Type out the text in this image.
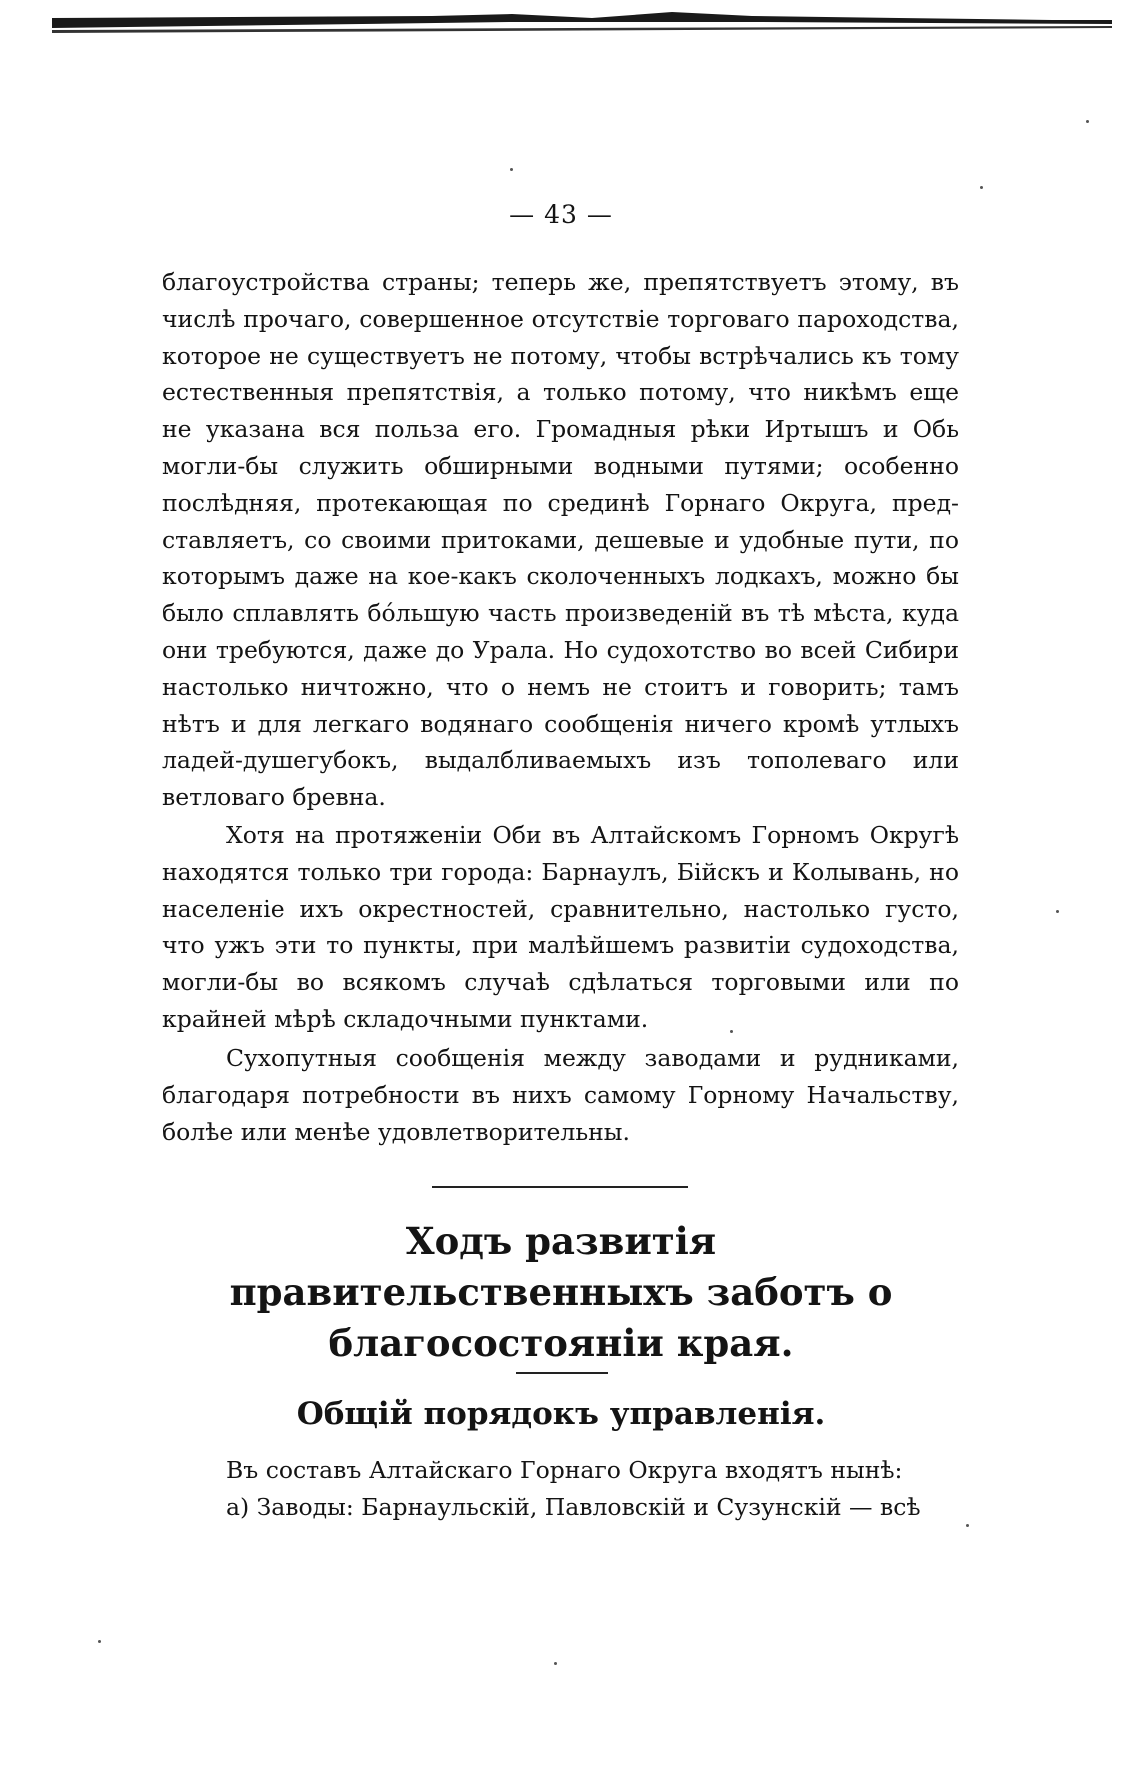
— 43 —

благоустройства страны; теперь же, препятствуетъ этому, въ числѣ прочаго, совершенное отсутствіе торговаго пароходства, которое не существуетъ не потому, чтобы встрѣчались къ тому естественныя препятствія, а только потому, что никѣмъ еще не указана вся польза его. Громадныя рѣки Иртышъ и Обь могли-бы служить обширными водными путями; особенно послѣдняя, протекающая по срединѣ Горнаго Округа, представляетъ, со своими притоками, дешевые и удобные пути, по которымъ даже на кое-какъ сколоченныхъ лодкахъ, можно бы было сплавлять бóльшую часть произведеній въ тѣ мѣста, куда они требуются, даже до Урала. Но судохотство во всей Сибири настолько ничтожно, что о немъ не стоитъ и говорить; тамъ нѣтъ и для легкаго водянаго сообщенія ничего кромѣ утлыхъ ладей-душегубокъ, выдалбливаемыхъ изъ тополеваго или ветловаго бревна.

Хотя на протяженіи Оби въ Алтайскомъ Горномъ Округѣ находятся только три города: Барнаулъ, Бійскъ и Колывань, но населеніе ихъ окрестностей, сравнительно, настолько густо, что ужъ эти то пункты, при малѣйшемъ развитіи судоходства, могли-бы во всякомъ случаѣ сдѣлаться торговыми или по крайней мѣрѣ складочными пунктами.

Сухопутныя сообщенія между заводами и рудниками, благодаря потребности въ нихъ самому Горному Начальству, болѣе или менѣе удовлетворительны.

Ходъ развитія
правительственныхъ заботъ о
благосостояніи края.
Общій порядокъ управленія.

Въ составъ Алтайскаго Горнаго Округа входятъ нынѣ:

а) Заводы: Барнаульскій, Павловскій и Сузунскій — всѣ
